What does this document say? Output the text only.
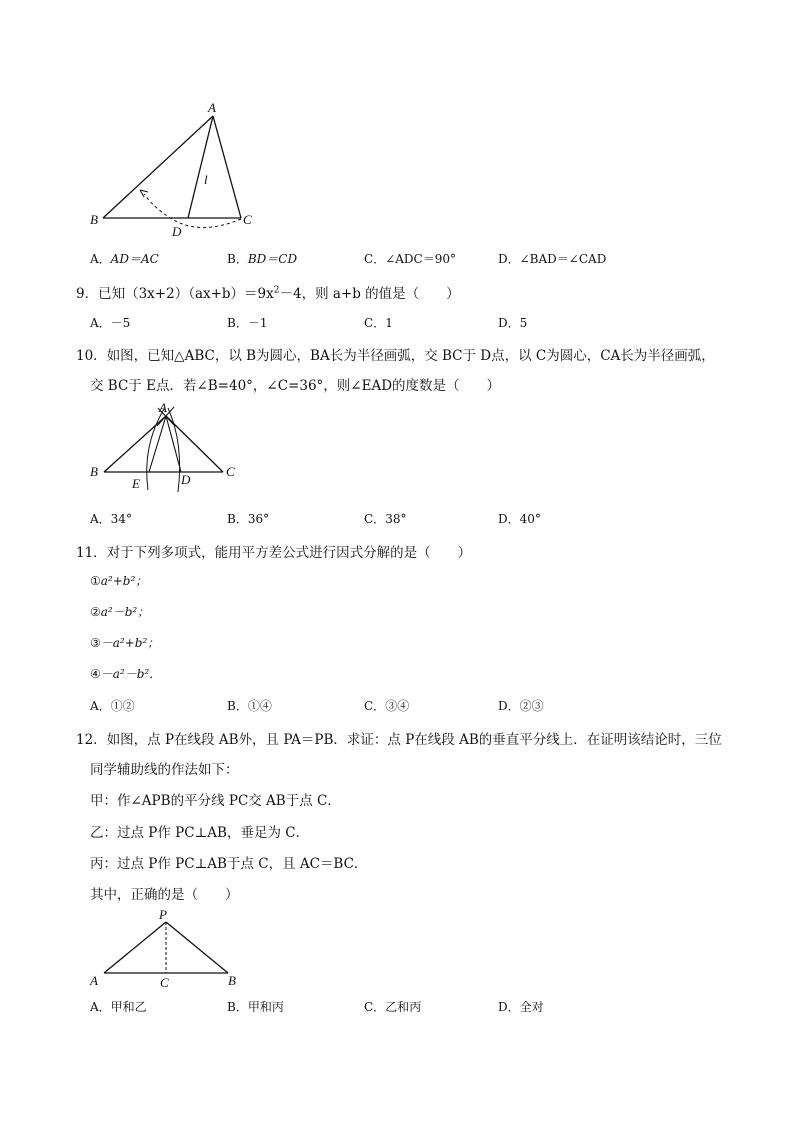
A
B	C
D
l
A．AD＝AC	B．BD＝CD	C．∠ADC＝90°	D．∠BAD＝∠CAD
9．已知$(3x+2)(ax+b)=9x^2-4$，则 a+b 的值是（　　）
A．－5	B．－1	C．1	D．5
10．如图，已知△ABC，以 B为圆心，BA长为半径画弧，交 BC于 D点，以 C为圆心，CA长为半径画弧，
交 BC于 E点．若∠B=40°，∠C=36°，则∠EAD的度数是（　　）
A
B	C
E	D
A．34°	B．36°	C．38°	D．40°
11．对于下列多项式，能用平方差公式进行因式分解的是（　　）
①a²+b²；
②a²－b²；
③－a²+b²；
④－a²－b²．
A．①②	B．①④	C．③④	D．②③
12．如图，点 P在线段 AB外，且 PA＝PB．求证：点 P在线段 AB的垂直平分线上．在证明该结论时，三位
同学辅助线的作法如下：
甲：作∠APB的平分线 PC交 AB于点 C．
乙：过点 P作 PC⊥AB，垂足为 C．
丙：过点 P作 PC⊥AB于点 C，且 AC＝BC．
其中，正确的是（　　）
P
A	C	B
A．甲和乙	B．甲和丙	C．乙和丙	D．全对
